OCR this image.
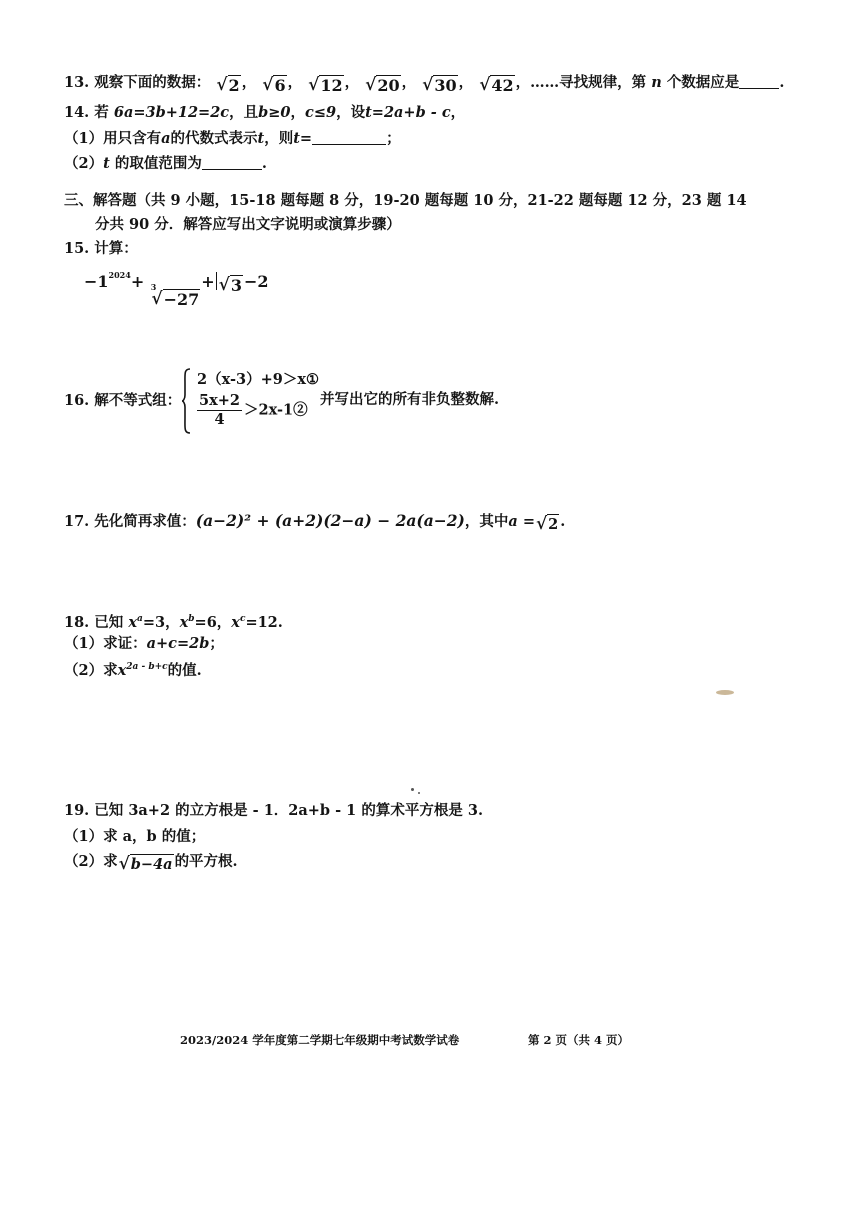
13. 观察下面的数据： √ 2 ， √ 6 ， √ 12 ， √ 20 ， √ 30 ， √ 42 ，……寻找规律，第 n 个数据应是	.
14. 若 6a=3b+12=2c，且b≥0，c≤9，设t=2a+b - c，
（1）用只含有a的代数式表示t，则t=	；
（2）t 的取值范围为	.
三、解答题（共 9 小题，15-18 题每题 8 分，19-20 题每题 10 分，21-22 题每题 12 分，23 题 14
分共 90 分．解答应写出文字说明或演算步骤）
15. 计算：
$-1^{2024}+ 3$
√ −27
+ √ 3 −2
16. 解不等式组：
2（x-3）+9＞x①
$\frac{5x+2}{4}$ ＞2x-1②
并写出它的所有非负整数解.
17. 先化简再求值：(a−2)² + (a+2)(2−a) − 2a(a−2)，其中a = √ 2 .
18. 已知 $x^a=3$，$x^b=6$，$x^c=12$.
（1）求证：a+c=2b；
（2）求$x^{2a - b+c}$的值.
19. 已知 3a+2 的立方根是 - 1．2a+b - 1 的算术平方根是 3.
（1）求 a，b 的值；
（2）求 √ b−4a 的平方根.
2023/2024 学年度第二学期七年级期中考试数学试卷	第 2 页（共 4 页）
